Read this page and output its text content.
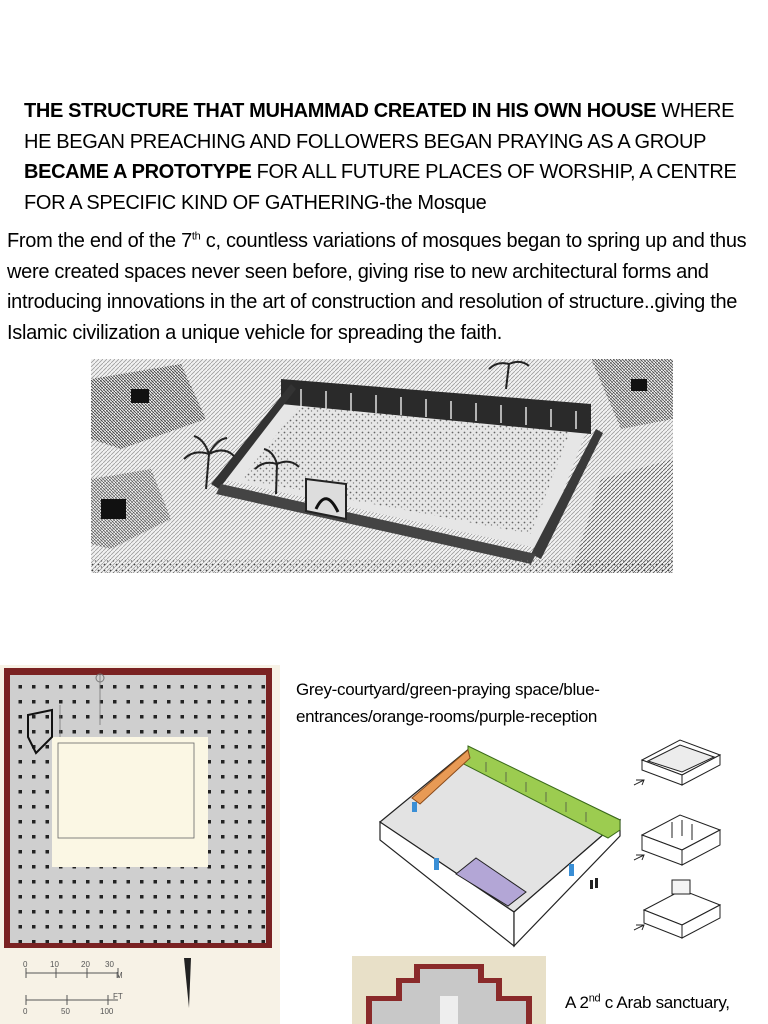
THE STRUCTURE THAT MUHAMMAD CREATED IN HIS OWN HOUSE WHERE HE BEGAN PREACHING AND FOLLOWERS BEGAN PRAYING AS A GROUP BECAME A PROTOTYPE FOR ALL FUTURE PLACES OF WORSHIP, A CENTRE FOR A SPECIFIC KIND OF GATHERING-the Mosque
From the end of the 7th c, countless variations of mosques began to spring up and thus were created spaces never seen before, giving rise to new architectural forms and introducing innovations in the art of construction and resolution of structure..giving the Islamic civilization a unique vehicle for spreading the faith.
0	10	20 30
M
FT
0	50	100
Grey-courtyard/green-praying space/blue-entrances/orange-rooms/purple-reception
A 2nd c Arab sanctuary,
